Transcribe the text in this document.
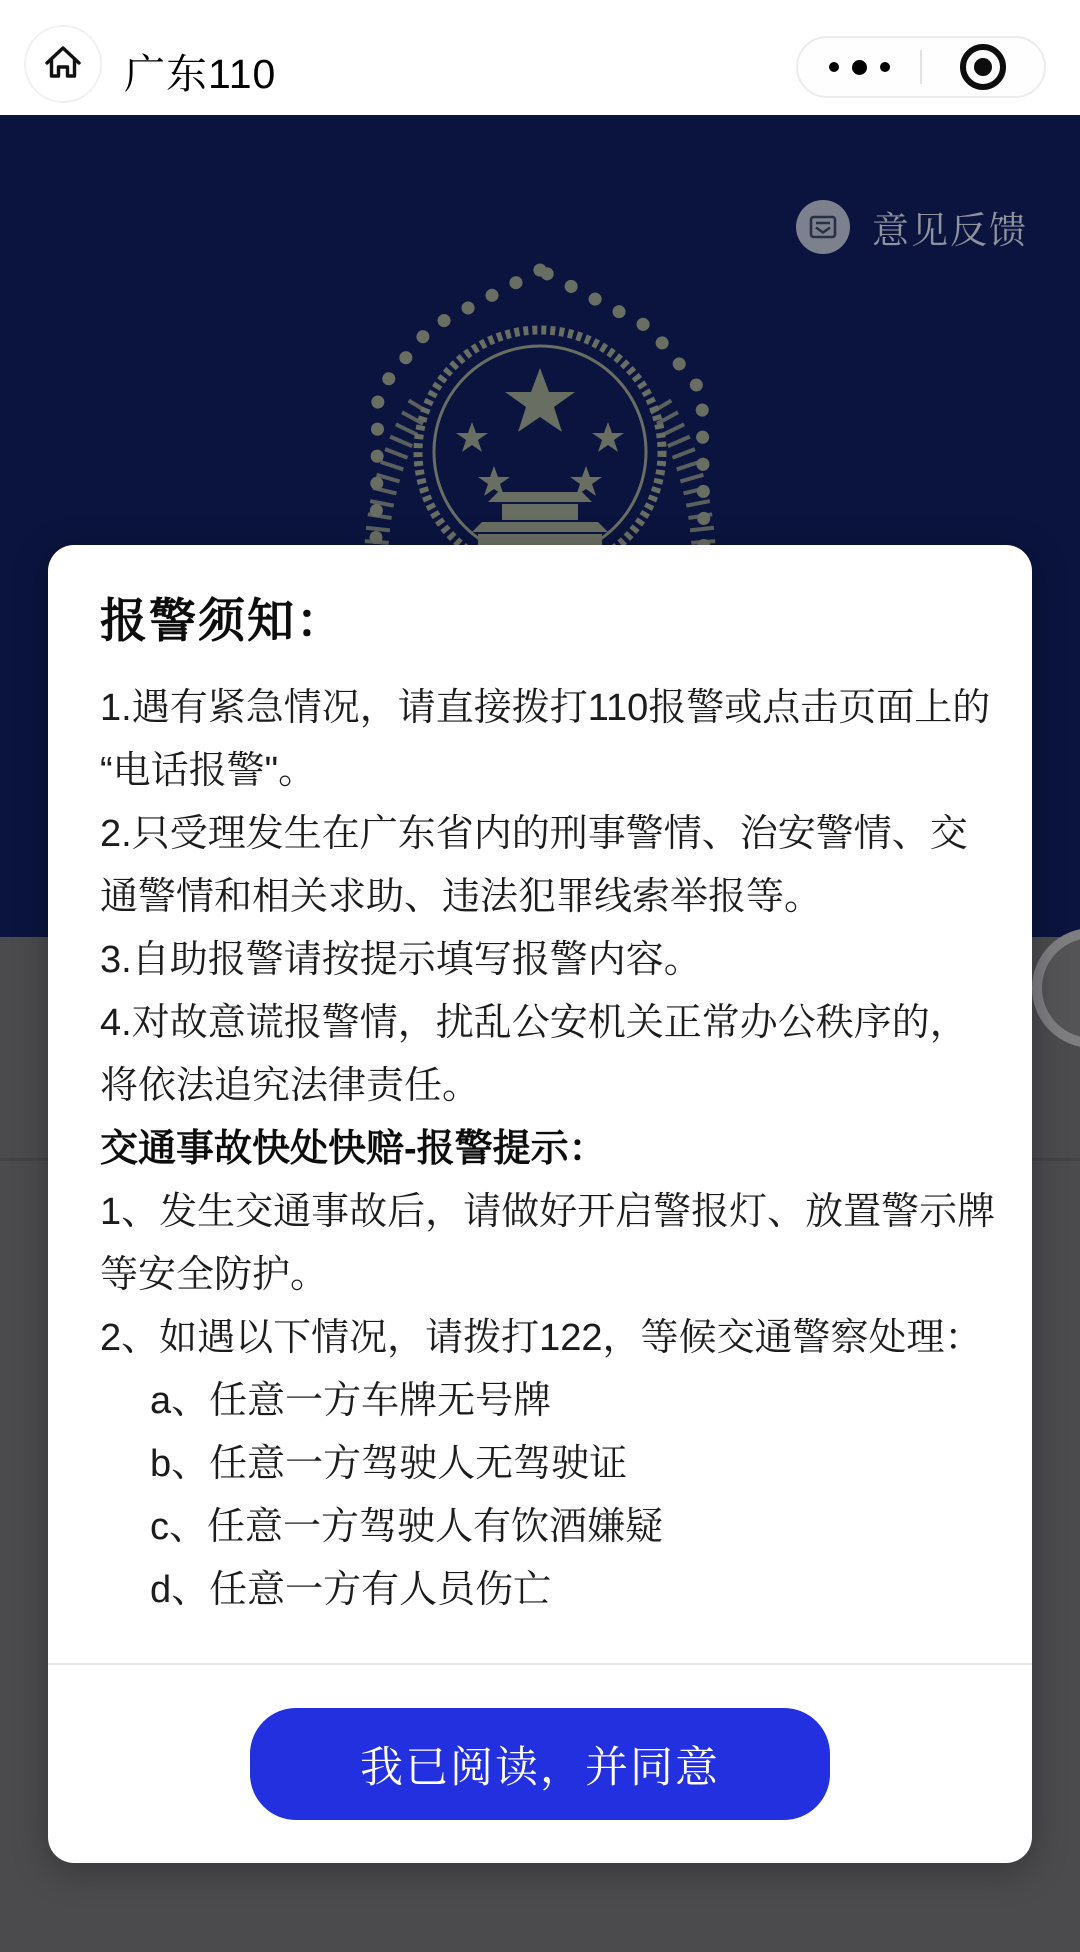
广东110
意见反馈
报警须知：

1.遇有紧急情况，请直接拨打110报警或点击页面上的 “电话报警"。

2.只受理发生在广东省内的刑事警情、治安警情、交通警情和相关求助、违法犯罪线索举报等。

3.自助报警请按提示填写报警内容。

4.对故意谎报警情，扰乱公安机关正常办公秩序的，将依法追究法律责任。

交通事故快处快赔-报警提示：

1、发生交通事故后，请做好开启警报灯、放置警示牌等安全防护。

2、如遇以下情况，请拨打122，等候交通警察处理：

a、任意一方车牌无号牌

b、任意一方驾驶人无驾驶证

c、任意一方驾驶人有饮酒嫌疑

d、任意一方有人员伤亡

我已阅读，并同意
